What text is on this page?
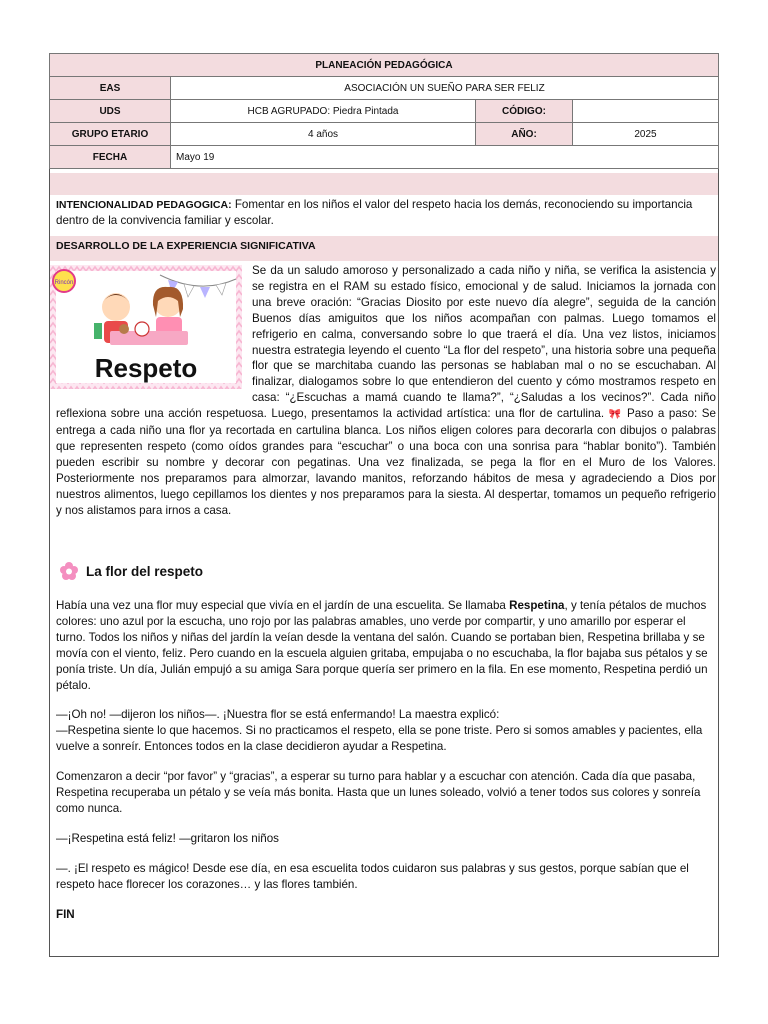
PLANEACIÓN PEDAGÓGICA			
EAS	ASOCIACIÓN UN SUEÑO PARA SER FELIZ		
UDS	HCB AGRUPADO: Piedra Pintada	CÓDIGO:	
GRUPO ETARIO	4 años	AÑO:	2025
FECHA	Mayo 19		
INTENCIONALIDAD PEDAGOGICA: Fomentar en los niños el valor del respeto hacia los demás, reconociendo su importancia dentro de la convivencia familiar y escolar.
DESARROLLO DE LA EXPERIENCIA SIGNIFICATIVA
Rincón
Respeto
Se da un saludo amoroso y personalizado a cada niño y niña, se verifica la asistencia y se registra en el RAM su estado físico, emocional y de salud. Iniciamos la jornada con una breve oración: “Gracias Diosito por este nuevo día alegre”, seguida de la canción Buenos días amiguitos que los niños acompañan con palmas. Luego tomamos el refrigerio en calma, conversando sobre lo que traerá el día. Una vez listos, iniciamos nuestra estrategia leyendo el cuento “La flor del respeto”, una historia sobre una pequeña flor que se marchitaba cuando las personas se hablaban mal o no se escuchaban. Al finalizar, dialogamos sobre lo que entendieron del cuento y cómo mostramos respeto en casa: “¿Escuchas a mamá cuando te llama?”, “¿Saludas a los vecinos?”. Cada niño reflexiona sobre una acción respetuosa. Luego, presentamos la actividad artística: una flor de cartulina. 🎀 Paso a paso: Se entrega a cada niño una flor ya recortada en cartulina blanca. Los niños eligen colores para decorarla con dibujos o palabras que representen respeto (como oídos grandes para “escuchar” o una boca con una sonrisa para “hablar bonito”). También pueden escribir su nombre y decorar con pegatinas. Una vez finalizada, se pega la flor en el Muro de los Valores. Posteriormente nos preparamos para almorzar, lavando manitos, reforzando hábitos de mesa y agradeciendo a Dios por nuestros alimentos, luego cepillamos los dientes y nos preparamos para la siesta. Al despertar, tomamos un pequeño refrigerio y nos alistamos para irnos a casa.
La flor del respeto

Había una vez una flor muy especial que vivía en el jardín de una escuelita. Se llamaba Respetina, y tenía pétalos de muchos colores: uno azul por la escucha, uno rojo por las palabras amables, uno verde por compartir, y uno amarillo por esperar el turno. Todos los niños y niñas del jardín la veían desde la ventana del salón. Cuando se portaban bien, Respetina brillaba y se movía con el viento, feliz. Pero cuando en la escuela alguien gritaba, empujaba o no escuchaba, la flor bajaba sus pétalos y se ponía triste. Un día, Julián empujó a su amiga Sara porque quería ser primero en la fila. En ese momento, Respetina perdió un pétalo.

—¡Oh no! —dijeron los niños—. ¡Nuestra flor se está enfermando! La maestra explicó:
—Respetina siente lo que hacemos. Si no practicamos el respeto, ella se pone triste. Pero si somos amables y pacientes, ella vuelve a sonreír. Entonces todos en la clase decidieron ayudar a Respetina.

Comenzaron a decir “por favor” y “gracias”, a esperar su turno para hablar y a escuchar con atención. Cada día que pasaba, Respetina recuperaba un pétalo y se veía más bonita. Hasta que un lunes soleado, volvió a tener todos sus colores y sonreía como nunca.

—¡Respetina está feliz! —gritaron los niños

—. ¡El respeto es mágico! Desde ese día, en esa escuelita todos cuidaron sus palabras y sus gestos, porque sabían que el respeto hace florecer los corazones… y las flores también.

FIN
